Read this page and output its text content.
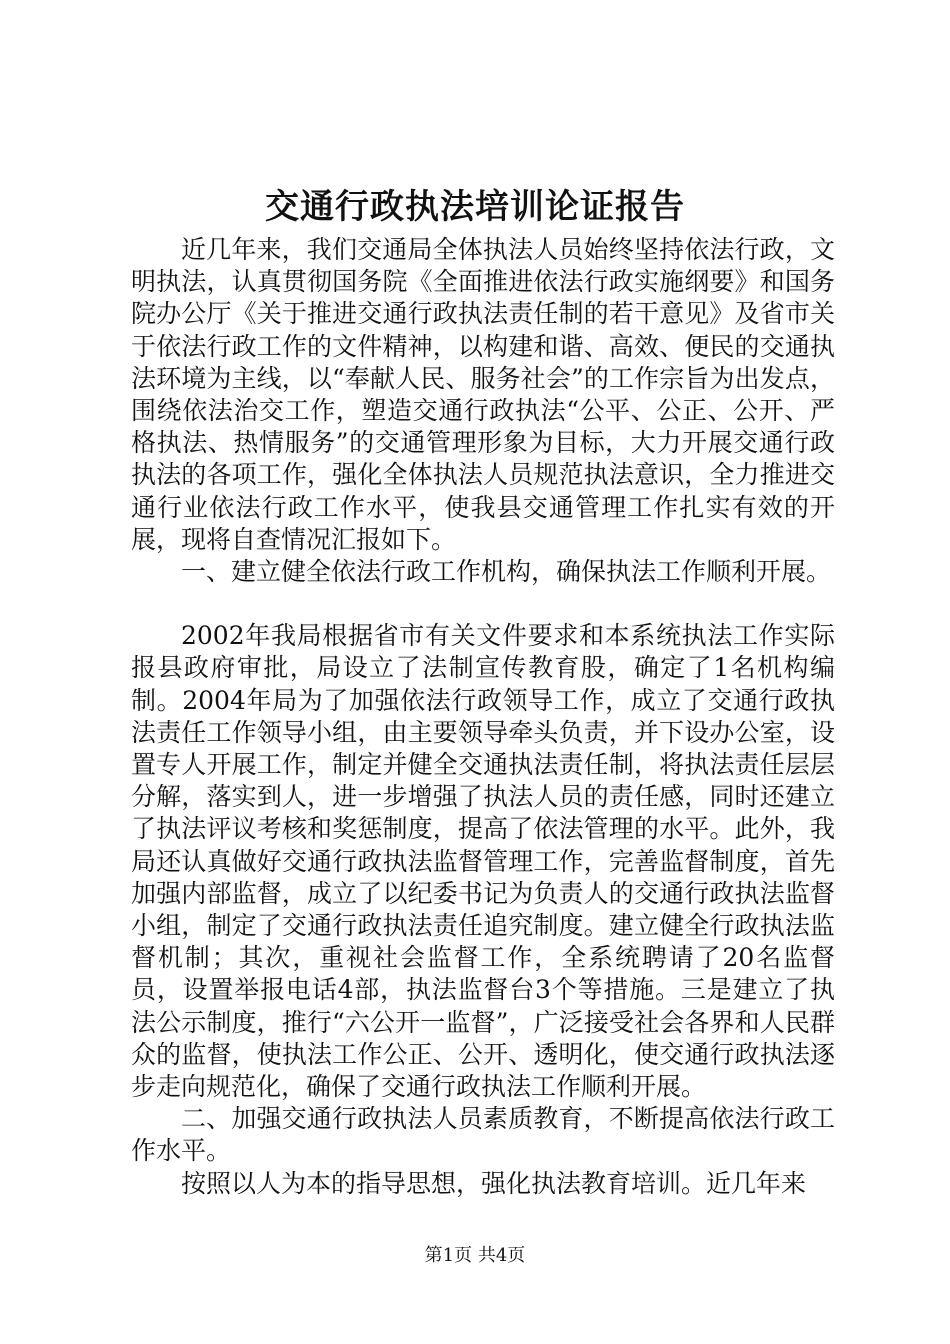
交通行政执法培训论证报告

近几年来，我们交通局全体执法人员始终坚持依法行政，文明执法，认真贯彻国务院《全面推进依法行政实施纲要》和国务院办公厅《关于推进交通行政执法责任制的若干意见》及省市关于依法行政工作的文件精神，以构建和谐、高效、便民的交通执法环境为主线，以“奉献人民、服务社会”的工作宗旨为出发点，围绕依法治交工作，塑造交通行政执法“公平、公正、公开、严格执法、热情服务”的交通管理形象为目标，大力开展交通行政执法的各项工作，强化全体执法人员规范执法意识，全力推进交通行业依法行政工作水平，使我县交通管理工作扎实有效的开展，现将自查情况汇报如下。

一、建立健全依法行政工作机构，确保执法工作顺利开展。

2002年我局根据省市有关文件要求和本系统执法工作实际报县政府审批，局设立了法制宣传教育股，确定了1名机构编制。2004年局为了加强依法行政领导工作，成立了交通行政执法责任工作领导小组，由主要领导牵头负责，并下设办公室，设置专人开展工作，制定并健全交通执法责任制，将执法责任层层分解，落实到人，进一步增强了执法人员的责任感，同时还建立了执法评议考核和奖惩制度，提高了依法管理的水平。此外，我局还认真做好交通行政执法监督管理工作，完善监督制度，首先加强内部监督，成立了以纪委书记为负责人的交通行政执法监督小组，制定了交通行政执法责任追究制度。建立健全行政执法监督机制；其次，重视社会监督工作，全系统聘请了20名监督员，设置举报电话4部，执法监督台3个等措施。三是建立了执法公示制度，推行“六公开一监督”，广泛接受社会各界和人民群众的监督，使执法工作公正、公开、透明化，使交通行政执法逐步走向规范化，确保了交通行政执法工作顺利开展。

二、加强交通行政执法人员素质教育，不断提高依法行政工作水平。

按照以人为本的指导思想，强化执法教育培训。近几年来

第1页 共4页
